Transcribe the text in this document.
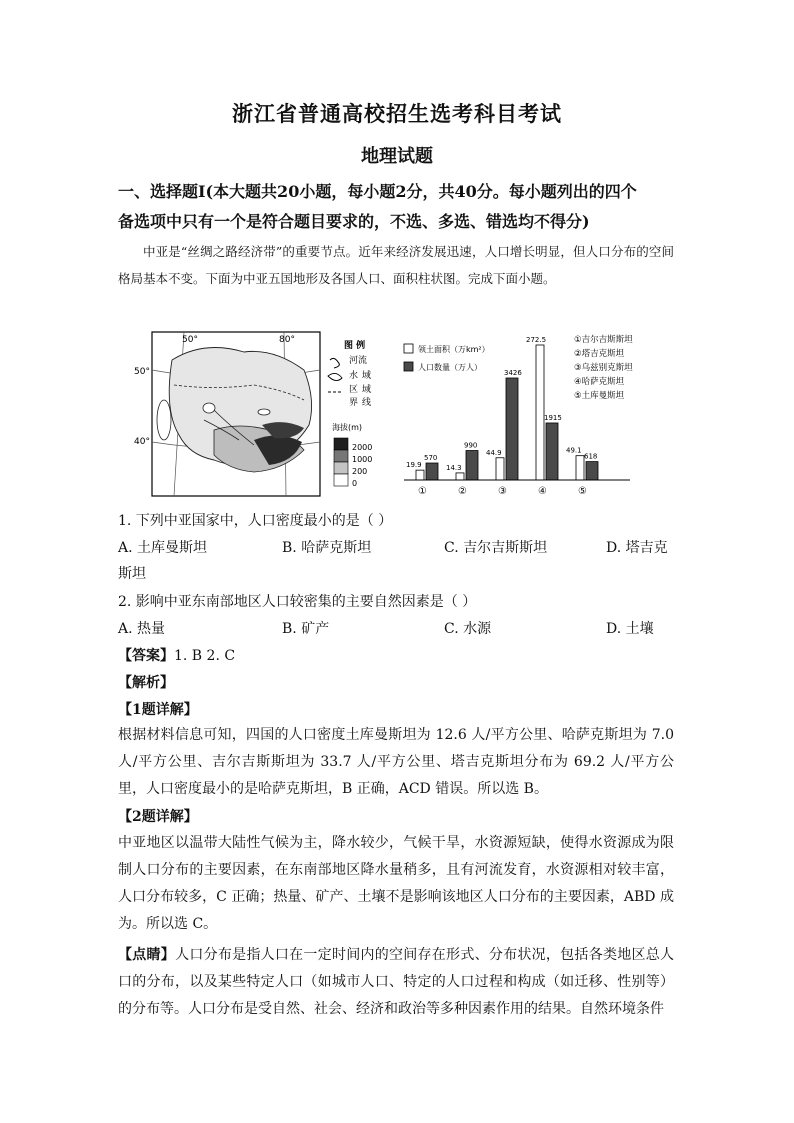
浙江省普通高校招生选考科目考试
地理试题
一、选择题Ⅰ(本大题共20小题，每小题2分，共40分。每小题列出的四个
备选项中只有一个是符合题目要求的，不选、多选、错选均不得分)
中亚是“丝绸之路经济带”的重要节点。近年来经济发展迅速，人口增长明显，但人口分布的空间格局基本不变。下面为中亚五国地形及各国人口、面积柱状图。完成下面小题。
50°	80°
50°
40°
图 例
河流
水 域
区 域
界 线
海拔(m)
2000
1000
200
0
领土面积（万km²）
人口数量（万人）
①吉尔吉斯斯坦
②塔吉克斯坦
③乌兹别克斯坦
④哈萨克斯坦
⑤土库曼斯坦
19.9
570
①
14.3
990
②
44.9
3426
③
272.5
1915
④
49.1
618
⑤
1. 下列中亚国家中，人口密度最小的是（ ）
A. 土库曼斯坦	B. 哈萨克斯坦	C. 吉尔吉斯斯坦	D. 塔吉克
斯坦
2. 影响中亚东南部地区人口较密集的主要自然因素是（ ）
A. 热量	B. 矿产	C. 水源	D. 土壤
【答案】1. B 2. C
【解析】
【1题详解】
根据材料信息可知，四国的人口密度土库曼斯坦为 12.6 人/平方公里、哈萨克斯坦为 7.0 人/平方公里、吉尔吉斯斯坦为 33.7 人/平方公里、塔吉克斯坦分布为 69.2 人/平方公里，人口密度最小的是哈萨克斯坦，B 正确，ACD 错误。所以选 B。
【2题详解】
中亚地区以温带大陆性气候为主，降水较少，气候干旱，水资源短缺，使得水资源成为限制人口分布的主要因素，在东南部地区降水量稍多，且有河流发育，水资源相对较丰富，人口分布较多，C 正确；热量、矿产、土壤不是影响该地区人口分布的主要因素，ABD 成为。所以选 C。
【点睛】人口分布是指人口在一定时间内的空间存在形式、分布状况，包括各类地区总人口的分布，以及某些特定人口（如城市人口、特定的人口过程和构成（如迁移、性别等）的分布等。人口分布是受自然、社会、经济和政治等多种因素作用的结果。自然环境条件
